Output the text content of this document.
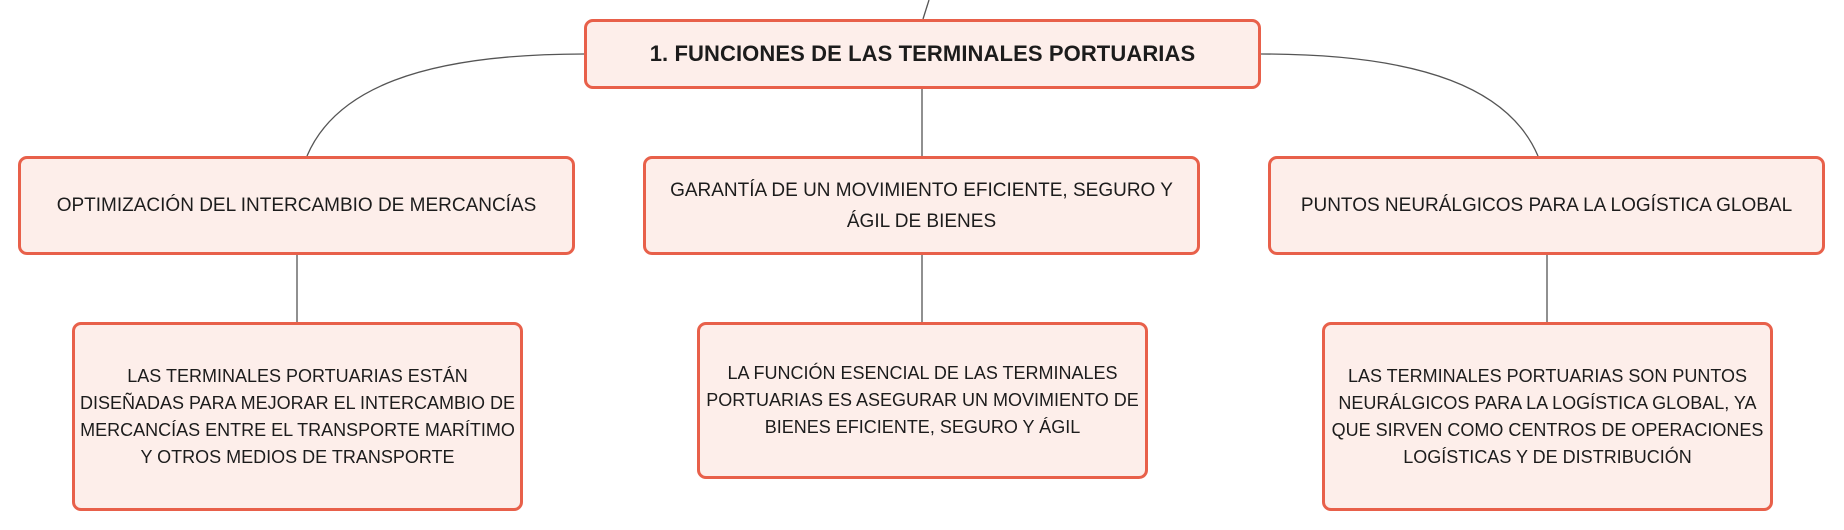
1. FUNCIONES DE LAS TERMINALES PORTUARIAS
OPTIMIZACIÓN DEL INTERCAMBIO DE MERCANCÍAS
GARANTÍA DE UN MOVIMIENTO EFICIENTE, SEGURO Y ÁGIL DE BIENES
PUNTOS NEURÁLGICOS PARA LA LOGÍSTICA GLOBAL
LAS TERMINALES PORTUARIAS ESTÁN DISEÑADAS PARA MEJORAR EL INTERCAMBIO DE MERCANCÍAS ENTRE EL TRANSPORTE MARÍTIMO Y OTROS MEDIOS DE TRANSPORTE
LA FUNCIÓN ESENCIAL DE LAS TERMINALES PORTUARIAS ES ASEGURAR UN MOVIMIENTO DE BIENES EFICIENTE, SEGURO Y ÁGIL
LAS TERMINALES PORTUARIAS SON PUNTOS NEURÁLGICOS PARA LA LOGÍSTICA GLOBAL, YA QUE SIRVEN COMO CENTROS DE OPERACIONES LOGÍSTICAS Y DE DISTRIBUCIÓN
